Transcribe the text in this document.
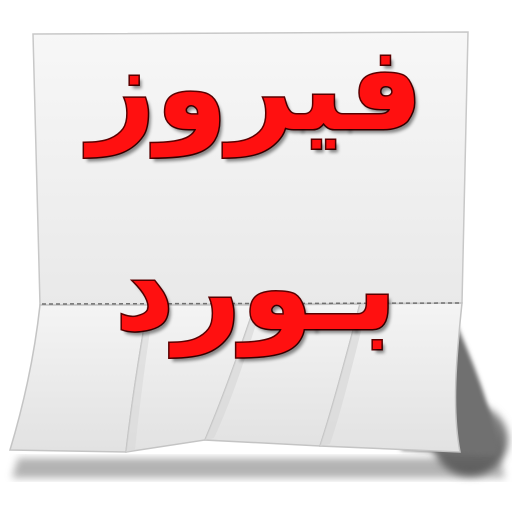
فیروز
بـورد
